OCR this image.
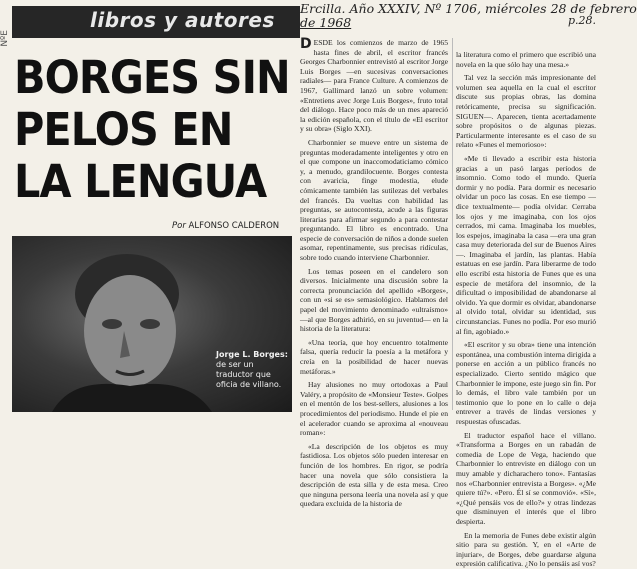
NºE
Ercilla. Año XXXIV, Nº 1706, miércoles 28 de febrero
de 1968	p.28.
libros y autores
BORGES SIN
PELOS EN
LA LENGUA
Por ALFONSO CALDERON
Jorge L. Borges: de ser un traductor que oficia de villano.

DESDE los comienzos de marzo de 1965 hasta fines de abril, el escritor francés Georges Charbonnier entrevistó al escritor Jorge Luis Borges —en sucesivas conversaciones radiales— para France Culture. A comienzos de 1967, Gallimard lanzó un sobre volumen: «Entretiens avec Jorge Luis Borges», fruto total del diálogo. Hace poco más de un mes apareció la edición española, con el título de «El escritor y su obra» (Siglo XXI).

Charbonnier se mueve entre un sistema de preguntas moderadamente inteligentes y otro en el que compone un inaccomodaticiamo cómico y, a menudo, grandilocuente. Borges contesta con avaricia, finge modestia, elude cómicamente también las sutilezas del verbales del francés. Da vueltas con habilidad las preguntas, se autocontesta, acude a las figuras literarias para afirmar segundo a para contestar preguntando. El libro es encontrado. Una especie de conversación de niños a donde suelen asomar, repentinamente, sus precisas ridículas, sobre todo cuando interviene Charbonnier.

Los temas poseen en el candelero son diversos. Inicialmente una discusión sobre la correcta pronunciación del apellido «Borges», con un «si se es» semasiológico. Hablamos del papel del movimiento denominado «ultraísmo» —al que Borges adhirió, en su juventud— en la historia de la literatura:

«Una teoría, que hoy encuentro totalmente falsa, quería reducir la poesía a la metáfora y creía en la posibilidad de hacer nuevas metáforas.»

Hay alusiones no muy ortodoxas a Paul Valéry, a propósito de «Monsieur Teste». Golpes en el mentón de los best-sellers, alusiones a los procedimientos del periodismo. Hunde el pie en el acelerador cuando se aproxima al «nouveau roman»:

«La descripción de los objetos es muy fastidiosa. Los objetos sólo pueden interesar en función de los hombres. En rigor, se podría hacer una novela que sólo consistiera la descripción de esta silla y de esta mesa. Creo que ninguna persona leería una novela así y que quedara excluida de la historia de

la literatura como el primero que escribió una novela en la que sólo hay una mesa.»

Tal vez la sección más impresionante del volumen sea aquella en la cual el escritor discute sus propias obras, las domina retóricamente, precisa su significación. SIGUEN—. Aparecen, tienta acertadamente sobre propósitos o de algunas piezas. Particularmente interesante es el caso de su relato «Funes el memorioso»:

«Me ti llevado a escribir esta historia gracias a un pasó largas períodos de insomnio. Como todo el mundo. Quería dormir y no podía. Para dormir es necesario olvidar un poco las cosas. En ese tiempo —dice textualmente— podía olvidar. Cerraba los ojos y me imaginaba, con los ojos cerrados, mi cama. Imaginaba los muebles, los espejos, imaginaba la casa —era una gran casa muy deteriorada del sur de Buenos Aires—. Imaginaba el jardín, las plantas. Había estatuas en ese jardín. Para liberarme de todo ello escribí esta historia de Funes que es una especie de metáfora del insomnio, de la dificultad o imposibilidad de abandonarse al olvido. Ya que dormir es olvidar, abandonarse al olvido total, olvidar su identidad, sus circunstancias. Funes no podía. Por eso murió al fin, agobiado.»

«El escritor y su obra» tiene una intención espontánea, una combustión interna dirigida a ponerse en acción a un público francés no especializado. Cierto sentido mágico que Charbonnier le impone, este juego sin fin. Por lo demás, el libro vale también por un testimonio que lo pone en lo calle o deja entrever a través de lindas versiones y respuestas ofuscadas.

El traductor español hace el villano. «Transforma a Borges en un rabadán de comedia de Lope de Vega, haciendo que Charbonnier lo entreviste en diálogo con un muy amable y dicharachero tono». Fantasías nos «Charbonnier entrevista a Borges». «¿Me quiere tú?». «Pero. Él sí se conmovió». «Sí», «¿Qué pensáis vos de ello?» y otras lindezas que disminuyen el interés que el libro despierta.

En la memoria de Funes debe existir algún sitio para su gestión. Y, en el «Arte de injuriar», de Borges, debe guardarse alguna expresión calificativa. ¿No lo pensáis así vos?
